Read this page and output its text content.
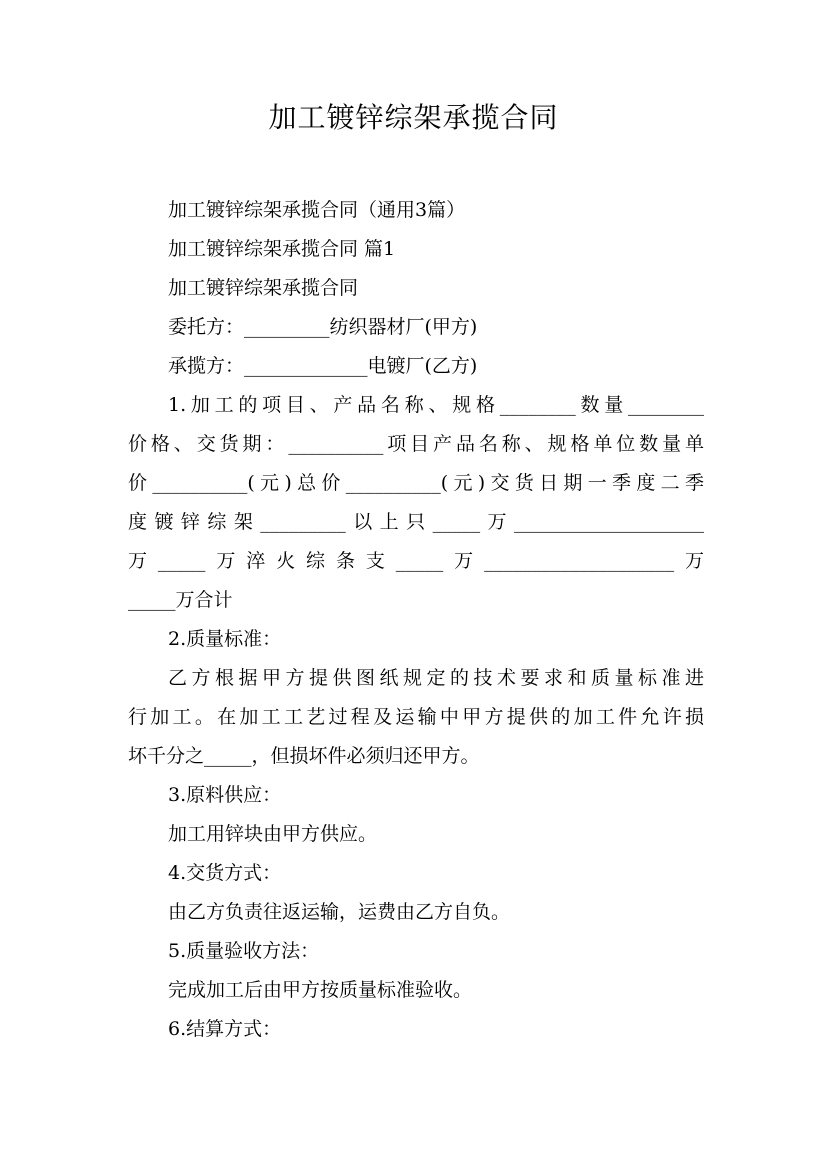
加工镀锌综架承揽合同
加工镀锌综架承揽合同（通用3篇）
加工镀锌综架承揽合同 篇1
加工镀锌综架承揽合同
委托方：_________纺织器材厂(甲方)
承揽方：_____________电镀厂(乙方)
1.加工的项目、产品名称、规格________数量________
价格、交货期：__________项目产品名称、规格单位数量单
价__________(元)总价__________(元)交货日期一季度二季
度镀锌综架_________以上只_____万____________________
万_____万淬火综条支_____万____________________万
_____万合计
2.质量标准：
乙方根据甲方提供图纸规定的技术要求和质量标准进
行加工。在加工工艺过程及运输中甲方提供的加工件允许损
坏千分之_____，但损坏件必须归还甲方。
3.原料供应：
加工用锌块由甲方供应。
4.交货方式：
由乙方负责往返运输，运费由乙方自负。
5.质量验收方法：
完成加工后由甲方按质量标准验收。
6.结算方式：
